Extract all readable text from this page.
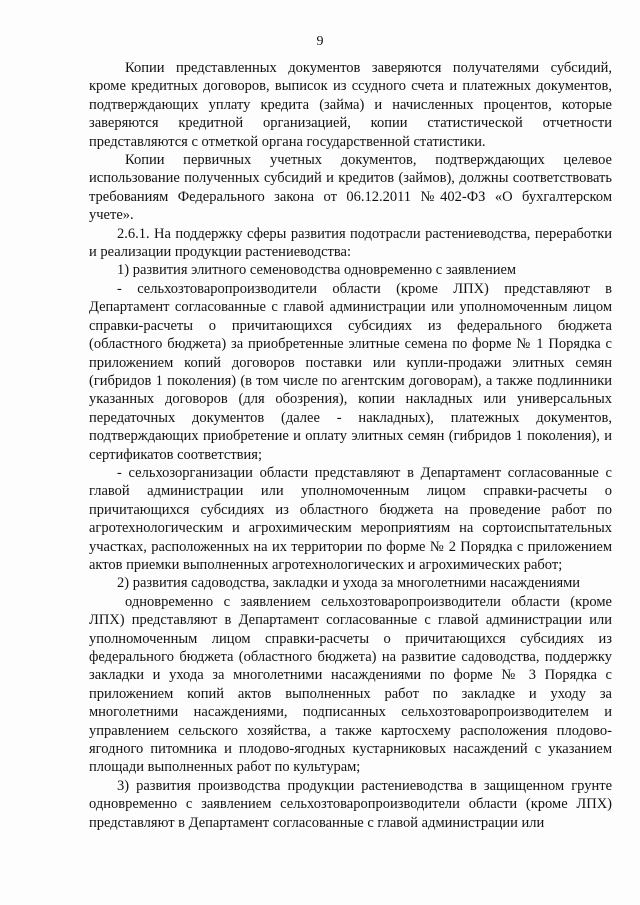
9

Копии представленных документов заверяются получателями субсидий, кроме кредитных договоров, выписок из ссудного счета и платежных документов, подтверждающих уплату кредита (займа) и начисленных процентов, которые заверяются кредитной организацией, копии статистической отчетности представляются с отметкой органа государственной статистики.

Копии первичных учетных документов, подтверждающих целевое использование полученных субсидий и кредитов (займов), должны соответствовать требованиям Федерального закона от 06.12.2011 №402-ФЗ «О бухгалтерском учете».

2.6.1. На поддержку сферы развития подотрасли растениеводства, переработки и реализации продукции растениеводства:

1) развития элитного семеноводства одновременно с заявлением

- сельхозтоваропроизводители области (кроме ЛПХ) представляют в Департамент согласованные с главой администрации или уполномоченным лицом справки-расчеты о причитающихся субсидиях из федерального бюджета (областного бюджета) за приобретенные элитные семена по форме № 1 Порядка с приложением копий договоров поставки или купли-продажи элитных семян (гибридов 1 поколения) (в том числе по агентским договорам), а также подлинники указанных договоров (для обозрения), копии накладных или универсальных передаточных документов (далее - накладных), платежных документов, подтверждающих приобретение и оплату элитных семян (гибридов 1 поколения), и сертификатов соответствия;

- сельхозорганизации области представляют в Департамент согласованные с главой администрации или уполномоченным лицом справки-расчеты о причитающихся субсидиях из областного бюджета на проведение работ по агротехнологическим и агрохимическим мероприятиям на сортоиспытательных участках, расположенных на их территории по форме № 2 Порядка с приложением актов приемки выполненных агротехнологических и агрохимических работ;

2) развития садоводства, закладки и ухода за многолетними насаждениями

одновременно с заявлением сельхозтоваропроизводители области (кроме ЛПХ) представляют в Департамент согласованные с главой администрации или уполномоченным лицом справки-расчеты о причитающихся субсидиях из федерального бюджета (областного бюджета) на развитие садоводства, поддержку закладки и ухода за многолетними насаждениями по форме № 3 Порядка с приложением копий актов выполненных работ по закладке и уходу за многолетними насаждениями, подписанных сельхозтоваропроизводителем и управлением сельского хозяйства, а также картосхему расположения плодово-ягодного питомника и плодово-ягодных кустарниковых насаждений с указанием площади выполненных работ по культурам;

3) развития производства продукции растениеводства в защищенном грунте одновременно с заявлением сельхозтоваропроизводители области (кроме ЛПХ) представляют в Департамент согласованные с главой администрации или
